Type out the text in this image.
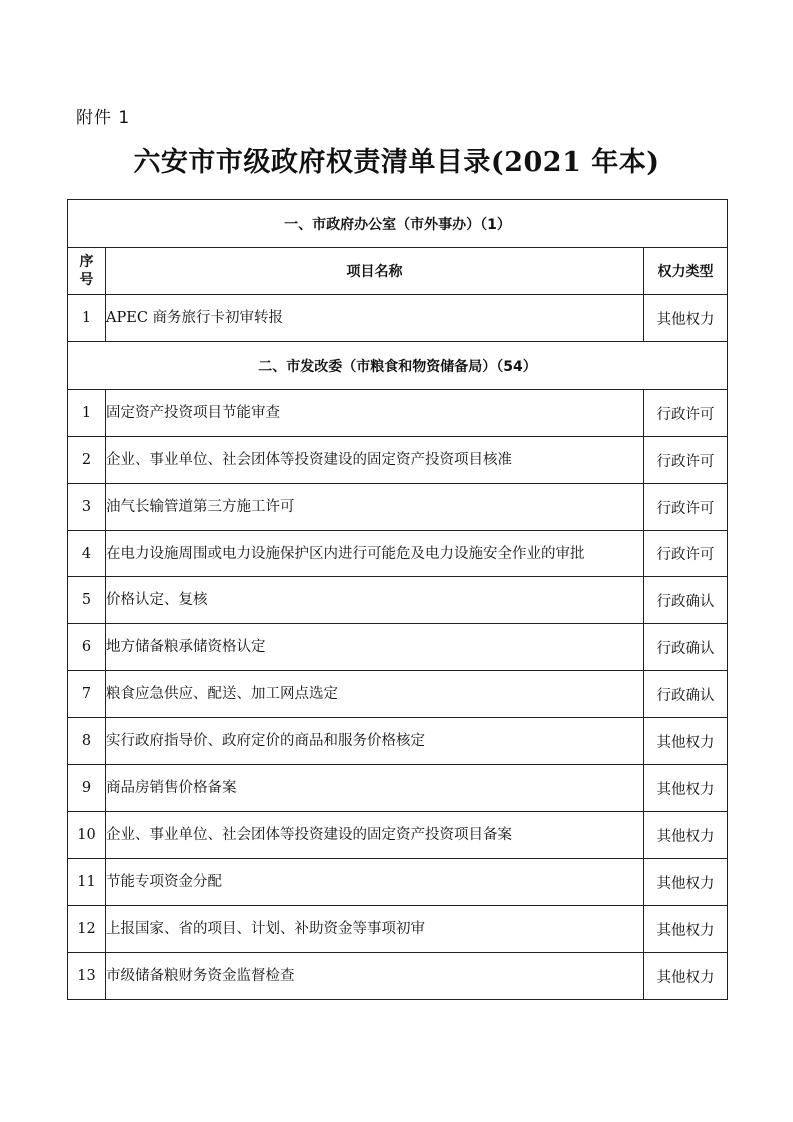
附件 1
六安市市级政府权责清单目录(2021 年本)
一、市政府办公室（市外事办）（1）		
序
号	项目名称	权力类型
1	APEC 商务旅行卡初审转报	其他权力
二、市发改委（市粮食和物资储备局）（54）		
1	固定资产投资项目节能审查	行政许可
2	企业、事业单位、社会团体等投资建设的固定资产投资项目核准	行政许可
3	油气长输管道第三方施工许可	行政许可
4	在电力设施周围或电力设施保护区内进行可能危及电力设施安全作业的审批	行政许可
5	价格认定、复核	行政确认
6	地方储备粮承储资格认定	行政确认
7	粮食应急供应、配送、加工网点选定	行政确认
8	实行政府指导价、政府定价的商品和服务价格核定	其他权力
9	商品房销售价格备案	其他权力
10	企业、事业单位、社会团体等投资建设的固定资产投资项目备案	其他权力
11	节能专项资金分配	其他权力
12	上报国家、省的项目、计划、补助资金等事项初审	其他权力
13	市级储备粮财务资金监督检查	其他权力
